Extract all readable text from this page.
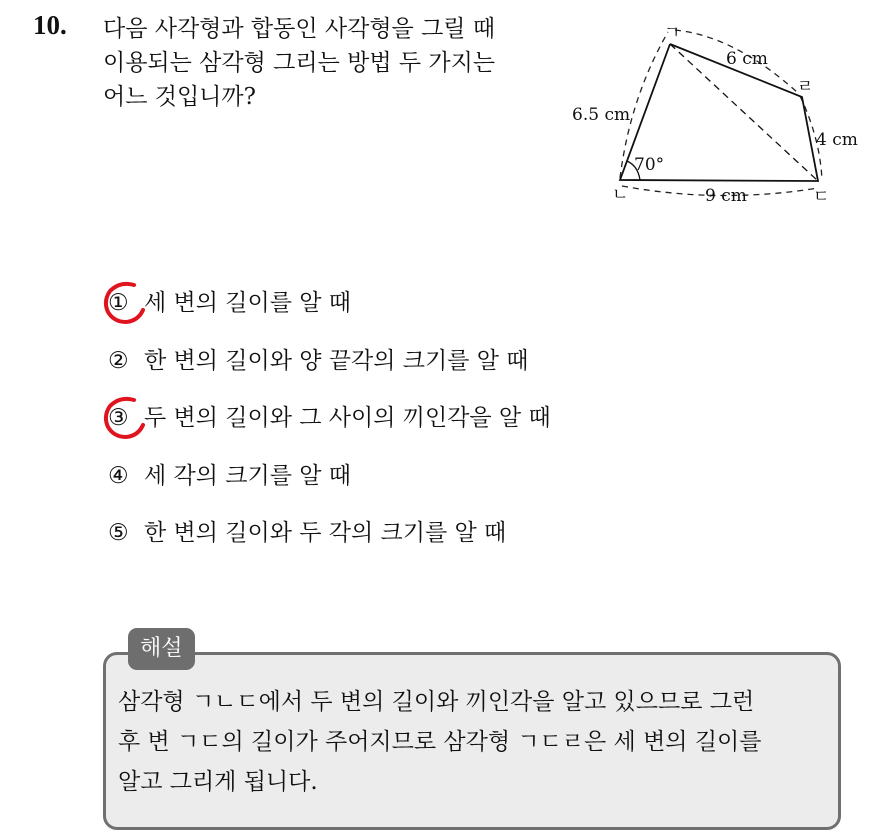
10. 다음 사각형과 합동인 사각형을 그릴 때
이용되는 삼각형 그리는 방법 두 가지는
어느 것입니까?
ㄱ
ㄴ	ㄷ
ㄹ
6 cm
6.5 cm
4 cm
9 cm
70°
① 세 변의 길이를 알 때
② 한 변의 길이와 양 끝각의 크기를 알 때
③ 두 변의 길이와 그 사이의 끼인각을 알 때
④ 세 각의 크기를 알 때
⑤ 한 변의 길이와 두 각의 크기를 알 때
해설
삼각형 ㄱㄴㄷ에서 두 변의 길이와 끼인각을 알고 있으므로 그런
후 변 ㄱㄷ의 길이가 주어지므로 삼각형 ㄱㄷㄹ은 세 변의 길이를
알고 그리게 됩니다.
